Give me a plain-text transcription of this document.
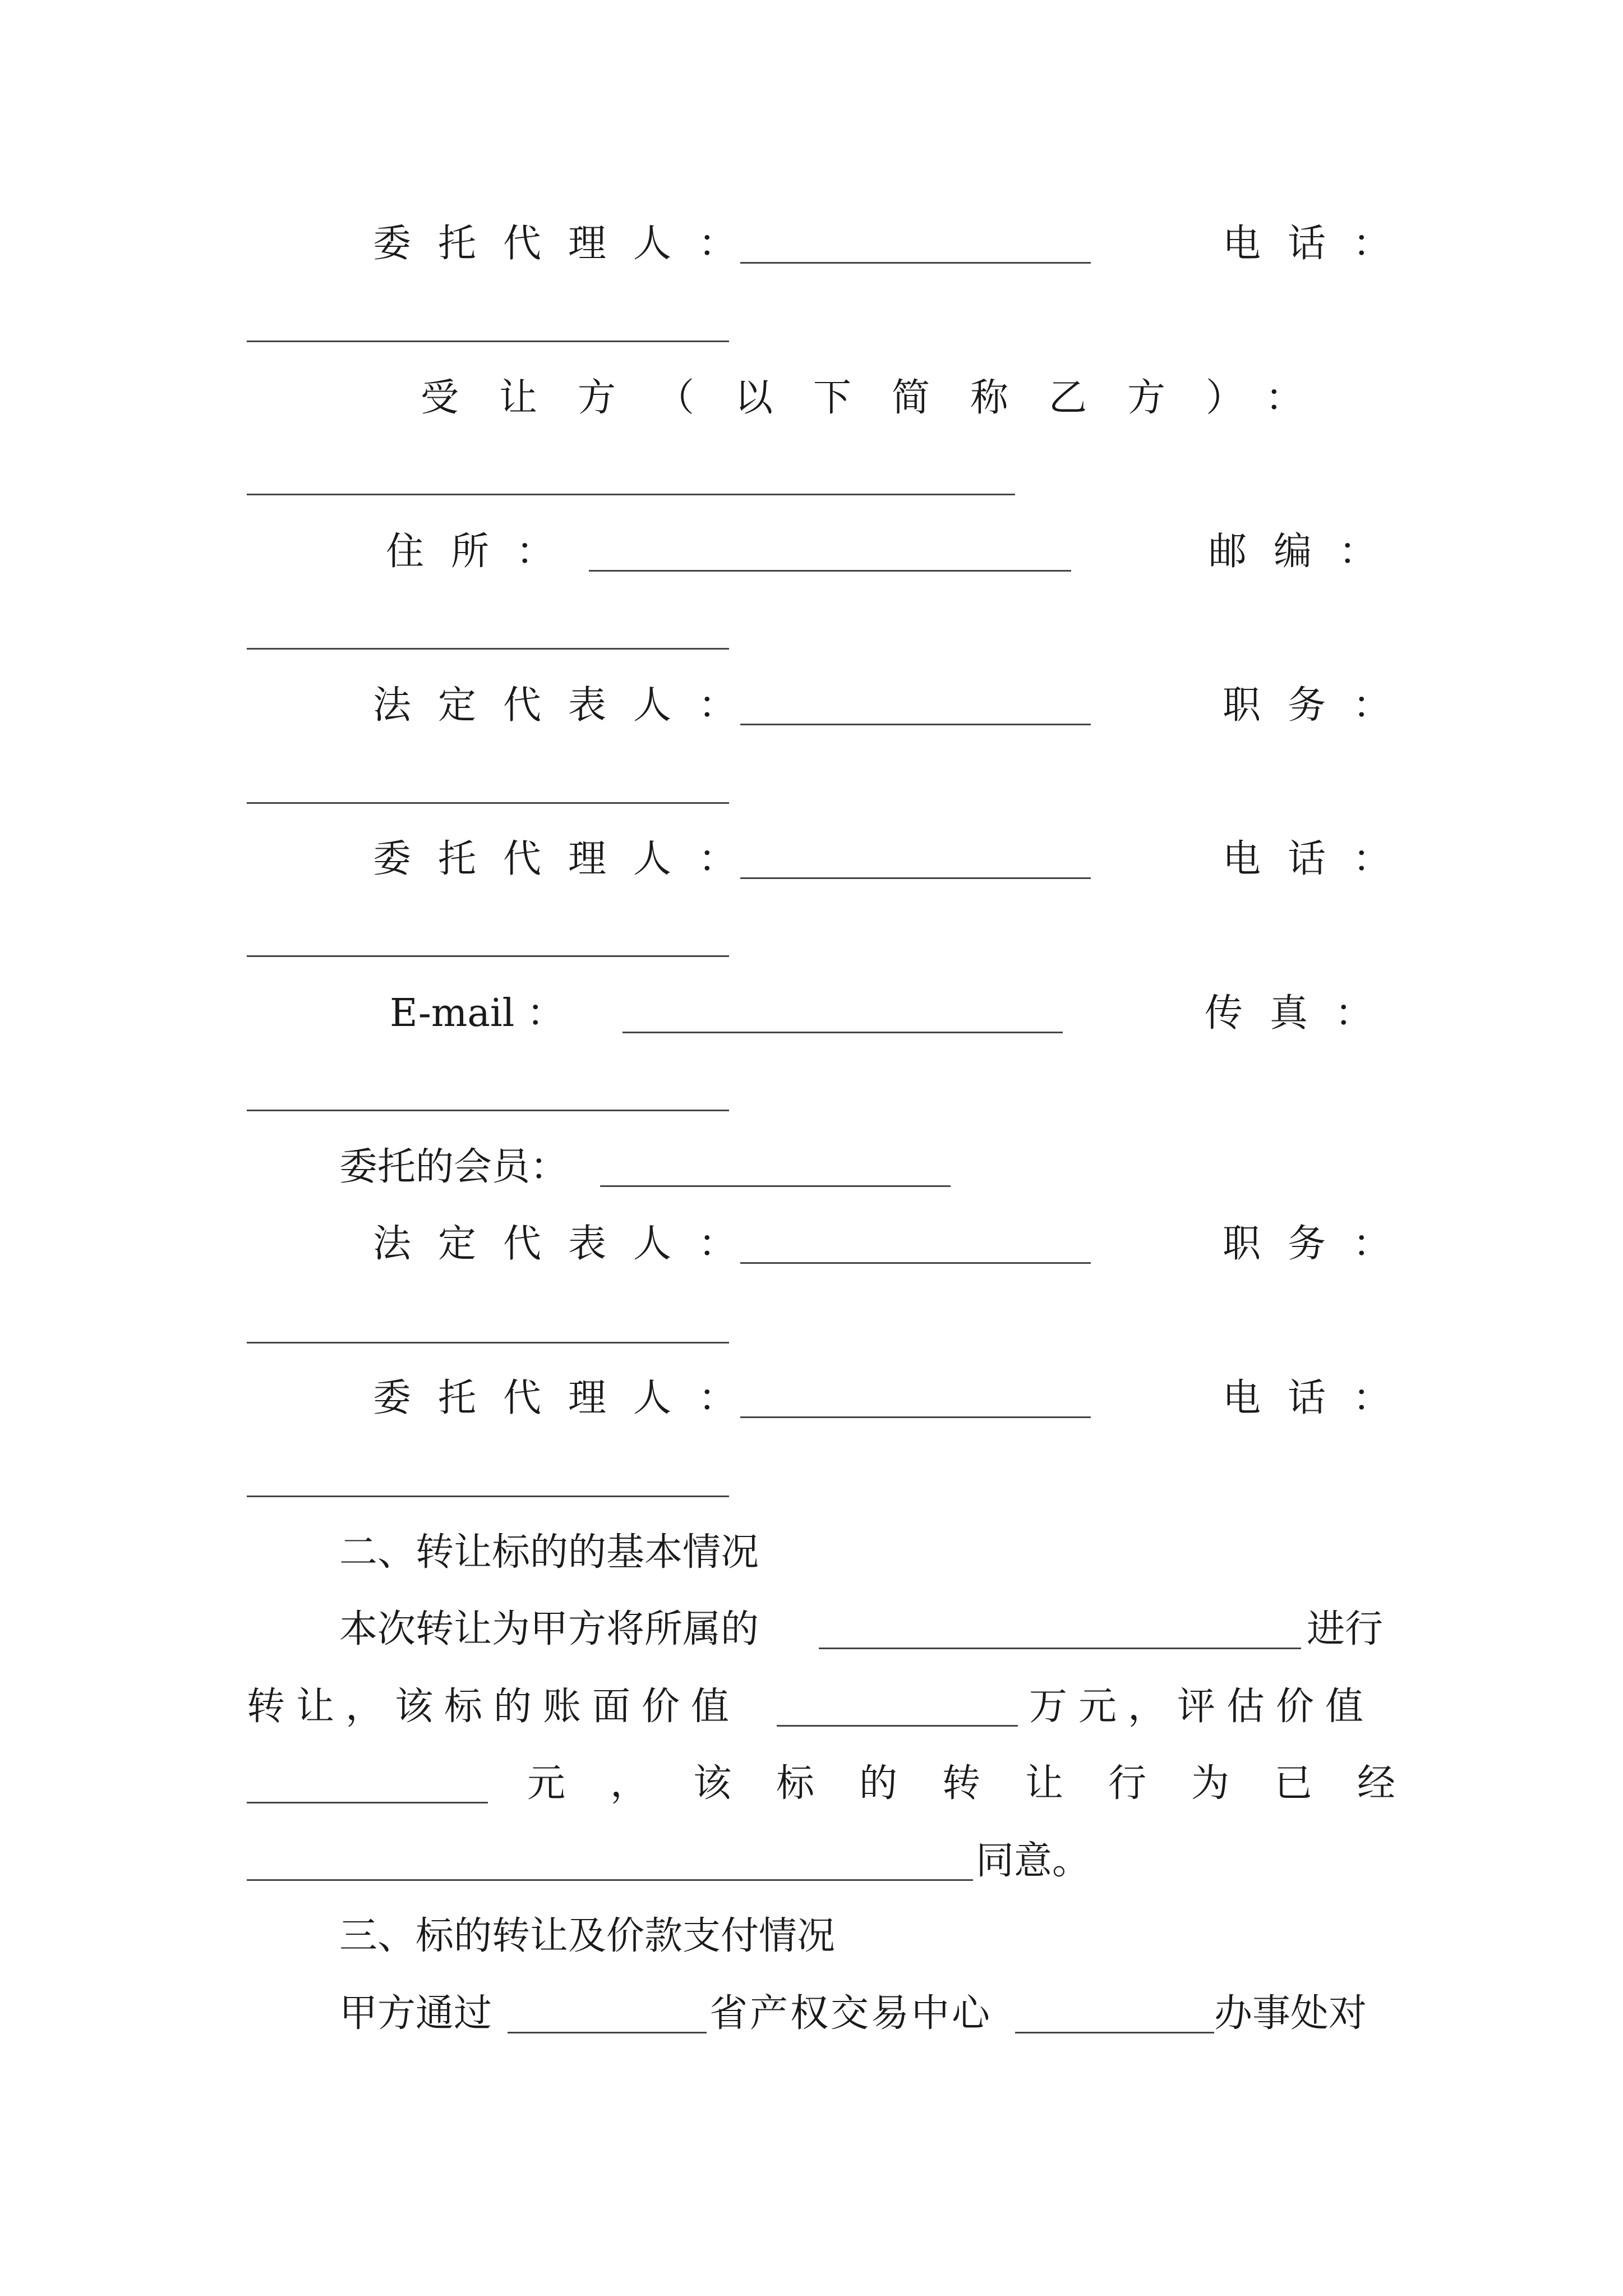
委托代理人：	电话：
受让方（以下简称乙方）：
住所：	邮编：
法定代表人：	职务：
委托代理人：	电话：
E-mail ：	传真：
委托的会员：
法定代表人：	职务：
委托代理人：	电话：
二、转让标的的基本情况
本次转让为甲方将所属的	进行
转让，该标的账面价值	万元，评估价值
元，该标的转让行为已经
同意。
三、标的转让及价款支付情况
甲方通过	省产权交易中心	办事处对
